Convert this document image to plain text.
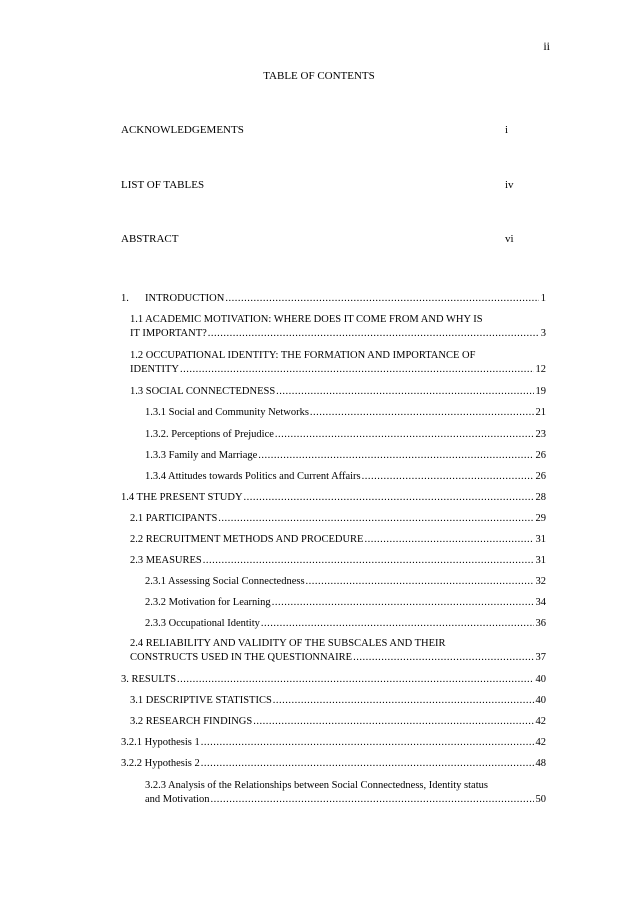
ii
TABLE OF CONTENTS
ACKNOWLEDGEMENTS	i
LIST OF TABLES	iv
ABSTRACT	vi
1.	INTRODUCTION .....	1
1.1 ACADEMIC MOTIVATION: WHERE DOES IT COME FROM AND WHY IS
IT IMPORTANT? .....	3
1.2 OCCUPATIONAL IDENTITY: THE FORMATION AND IMPORTANCE OF
IDENTITY .....	12
1.3 SOCIAL CONNECTEDNESS .....	19
1.3.1 Social and Community Networks .....	21
1.3.2. Perceptions of Prejudice .....	23
1.3.3 Family and Marriage .....	26
1.3.4 Attitudes towards Politics and Current Affairs .....	26
1.4 THE PRESENT STUDY .....	28
2.1 PARTICIPANTS .....	29
2.2 RECRUITMENT METHODS AND PROCEDURE .....	31
2.3 MEASURES .....	31
2.3.1 Assessing Social Connectedness .....	32
2.3.2 Motivation for Learning .....	34
2.3.3 Occupational Identity .....	36
2.4 RELIABILITY AND VALIDITY OF THE SUBSCALES AND THEIR
CONSTRUCTS USED IN THE QUESTIONNAIRE .....	37
3. RESULTS .....	40
3.1 DESCRIPTIVE STATISTICS .....	40
3.2 RESEARCH FINDINGS .....	42
3.2.1 Hypothesis 1 .....	42
3.2.2 Hypothesis 2 .....	48
3.2.3 Analysis of the Relationships between Social Connectedness, Identity status
and Motivation .....	50
